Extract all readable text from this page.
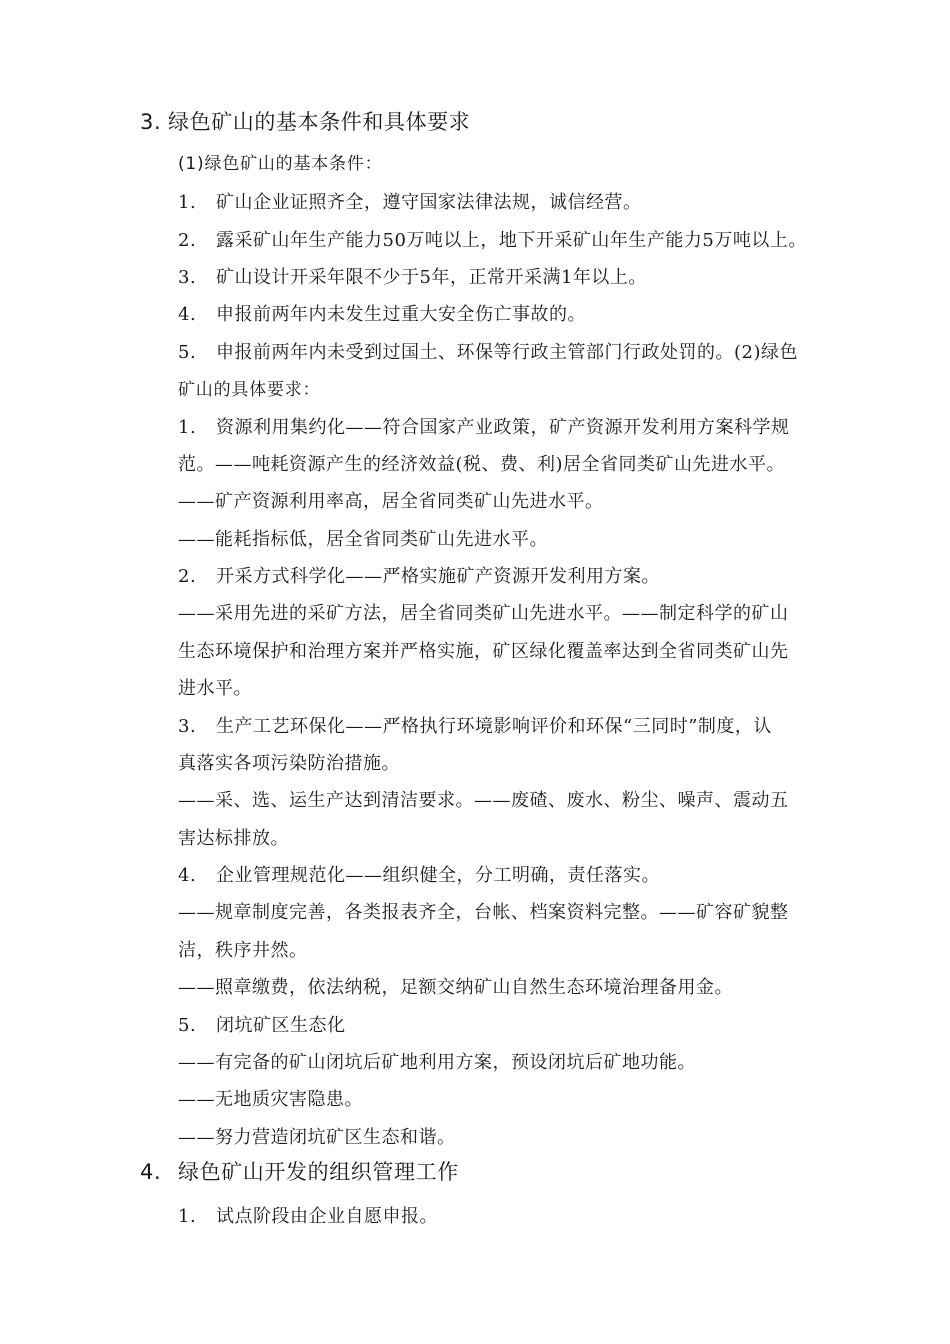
3. 绿色矿山的基本条件和具体要求
(1)绿色矿山的基本条件：
1. 矿山企业证照齐全，遵守国家法律法规，诚信经营。
2. 露采矿山年生产能力50万吨以上，地下开采矿山年生产能力5万吨以上。
3. 矿山设计开采年限不少于5年，正常开采满1年以上。
4. 申报前两年内未发生过重大安全伤亡事故的。
5. 申报前两年内未受到过国土、环保等行政主管部门行政处罚的。(2)绿色
矿山的具体要求：
1. 资源利用集约化——符合国家产业政策，矿产资源开发利用方案科学规
范。——吨耗资源产生的经济效益(税、费、利)居全省同类矿山先进水平。
——矿产资源利用率高，居全省同类矿山先进水平。
——能耗指标低，居全省同类矿山先进水平。
2. 开采方式科学化——严格实施矿产资源开发利用方案。
——采用先进的采矿方法，居全省同类矿山先进水平。——制定科学的矿山
生态环境保护和治理方案并严格实施，矿区绿化覆盖率达到全省同类矿山先
进水平。
3. 生产工艺环保化——严格执行环境影响评价和环保“三同时”制度，认
真落实各项污染防治措施。
——采、选、运生产达到清洁要求。——废碴、废水、粉尘、噪声、震动五
害达标排放。
4. 企业管理规范化——组织健全，分工明确，责任落实。
——规章制度完善，各类报表齐全，台帐、档案资料完整。——矿容矿貌整
洁，秩序井然。
——照章缴费，依法纳税，足额交纳矿山自然生态环境治理备用金。
5. 闭坑矿区生态化
——有完备的矿山闭坑后矿地利用方案，预设闭坑后矿地功能。
——无地质灾害隐患。
——努力营造闭坑矿区生态和谐。
4. 绿色矿山开发的组织管理工作
1. 试点阶段由企业自愿申报。
